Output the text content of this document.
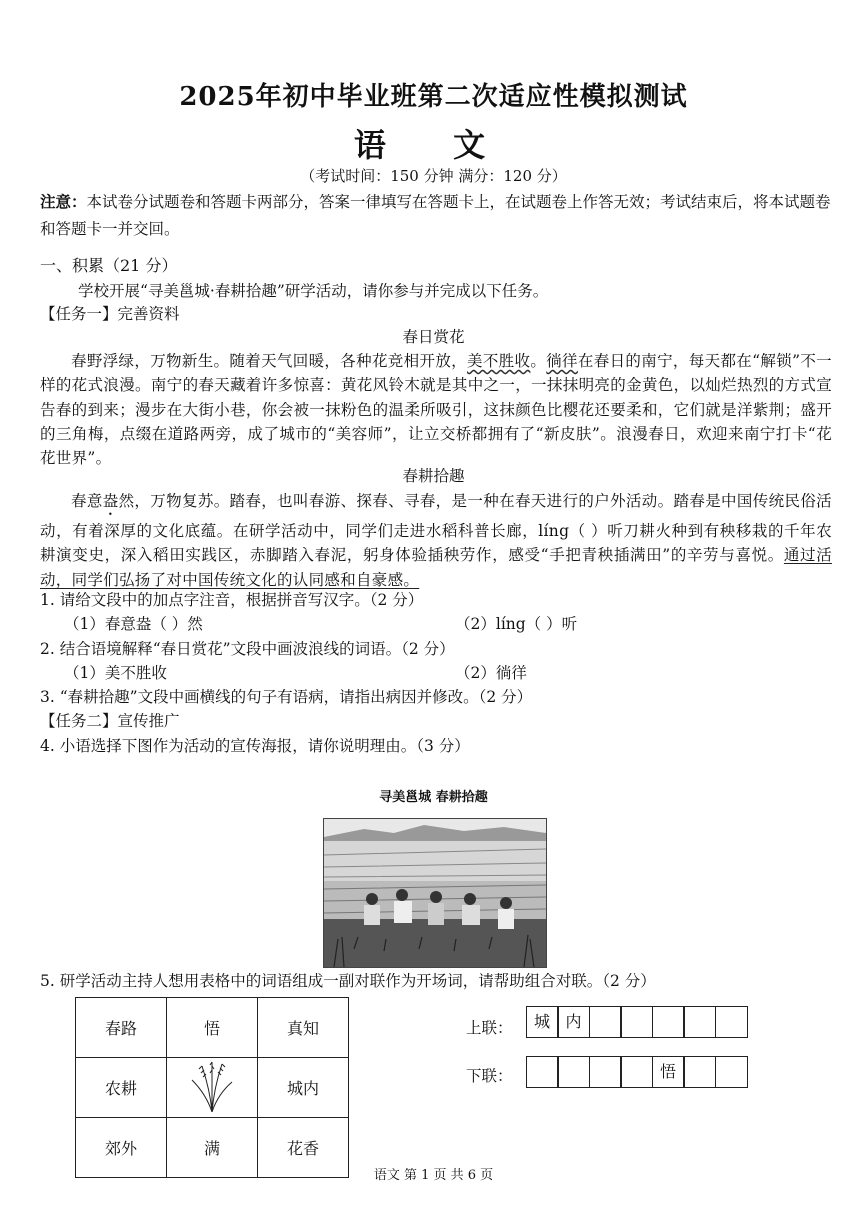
2025年初中毕业班第二次适应性模拟测试
语 文
（考试时间：150 分钟 满分：120 分）
注意：本试卷分试题卷和答题卡两部分，答案一律填写在答题卡上，在试题卷上作答无效；考试结束后，将本试题卷和答题卡一并交回。
一、积累（21 分）
学校开展“寻美邕城·春耕拾趣”研学活动，请你参与并完成以下任务。
【任务一】完善资料
春日赏花
春野浮绿，万物新生。随着天气回暖，各种花竞相开放，美不胜收。徜徉在春日的南宁，每天都在“解锁”不一样的花式浪漫。南宁的春天藏着许多惊喜：黄花风铃木就是其中之一，一抹抹明亮的金黄色，以灿烂热烈的方式宣告春的到来；漫步在大街小巷，你会被一抹粉色的温柔所吸引，这抹颜色比樱花还要柔和，它们就是洋紫荆；盛开的三角梅，点缀在道路两旁，成了城市的“美容师”，让立交桥都拥有了“新皮肤”。浪漫春日，欢迎来南宁打卡“花花世界”。
春耕拾趣
春意盎然，万物复苏。踏春，也叫春游、探春、寻春，是一种在春天进行的户外活动。踏春是中国传统民俗活动，有着深厚的文化底蕴。在研学活动中，同学们走进水稻科普长廊，líng（ ）听刀耕火种到有秧移栽的千年农耕演变史，深入稻田实践区，赤脚踏入春泥，躬身体验插秧劳作，感受“手把青秧插满田”的辛劳与喜悦。通过活动，同学们弘扬了对中国传统文化的认同感和自豪感。
1. 请给文段中的加点字注音，根据拼音写汉字。（2 分）
（1）春意盎（ ）然	（2）líng（ ）听
2. 结合语境解释“春日赏花”文段中画波浪线的词语。（2 分）
（1）美不胜收	（2）徜徉
3. “春耕拾趣”文段中画横线的句子有语病，请指出病因并修改。（2 分）
【任务二】宣传推广
4. 小语选择下图作为活动的宣传海报，请你说明理由。（3 分）
寻美邕城 春耕拾趣
5. 研学活动主持人想用表格中的词语组成一副对联作为开场词，请帮助组合对联。（2 分）
春路	悟	真知
农耕		城内
郊外	满	花香
上联：	城 内
下联：	悟
语文 第 1 页 共 6 页
